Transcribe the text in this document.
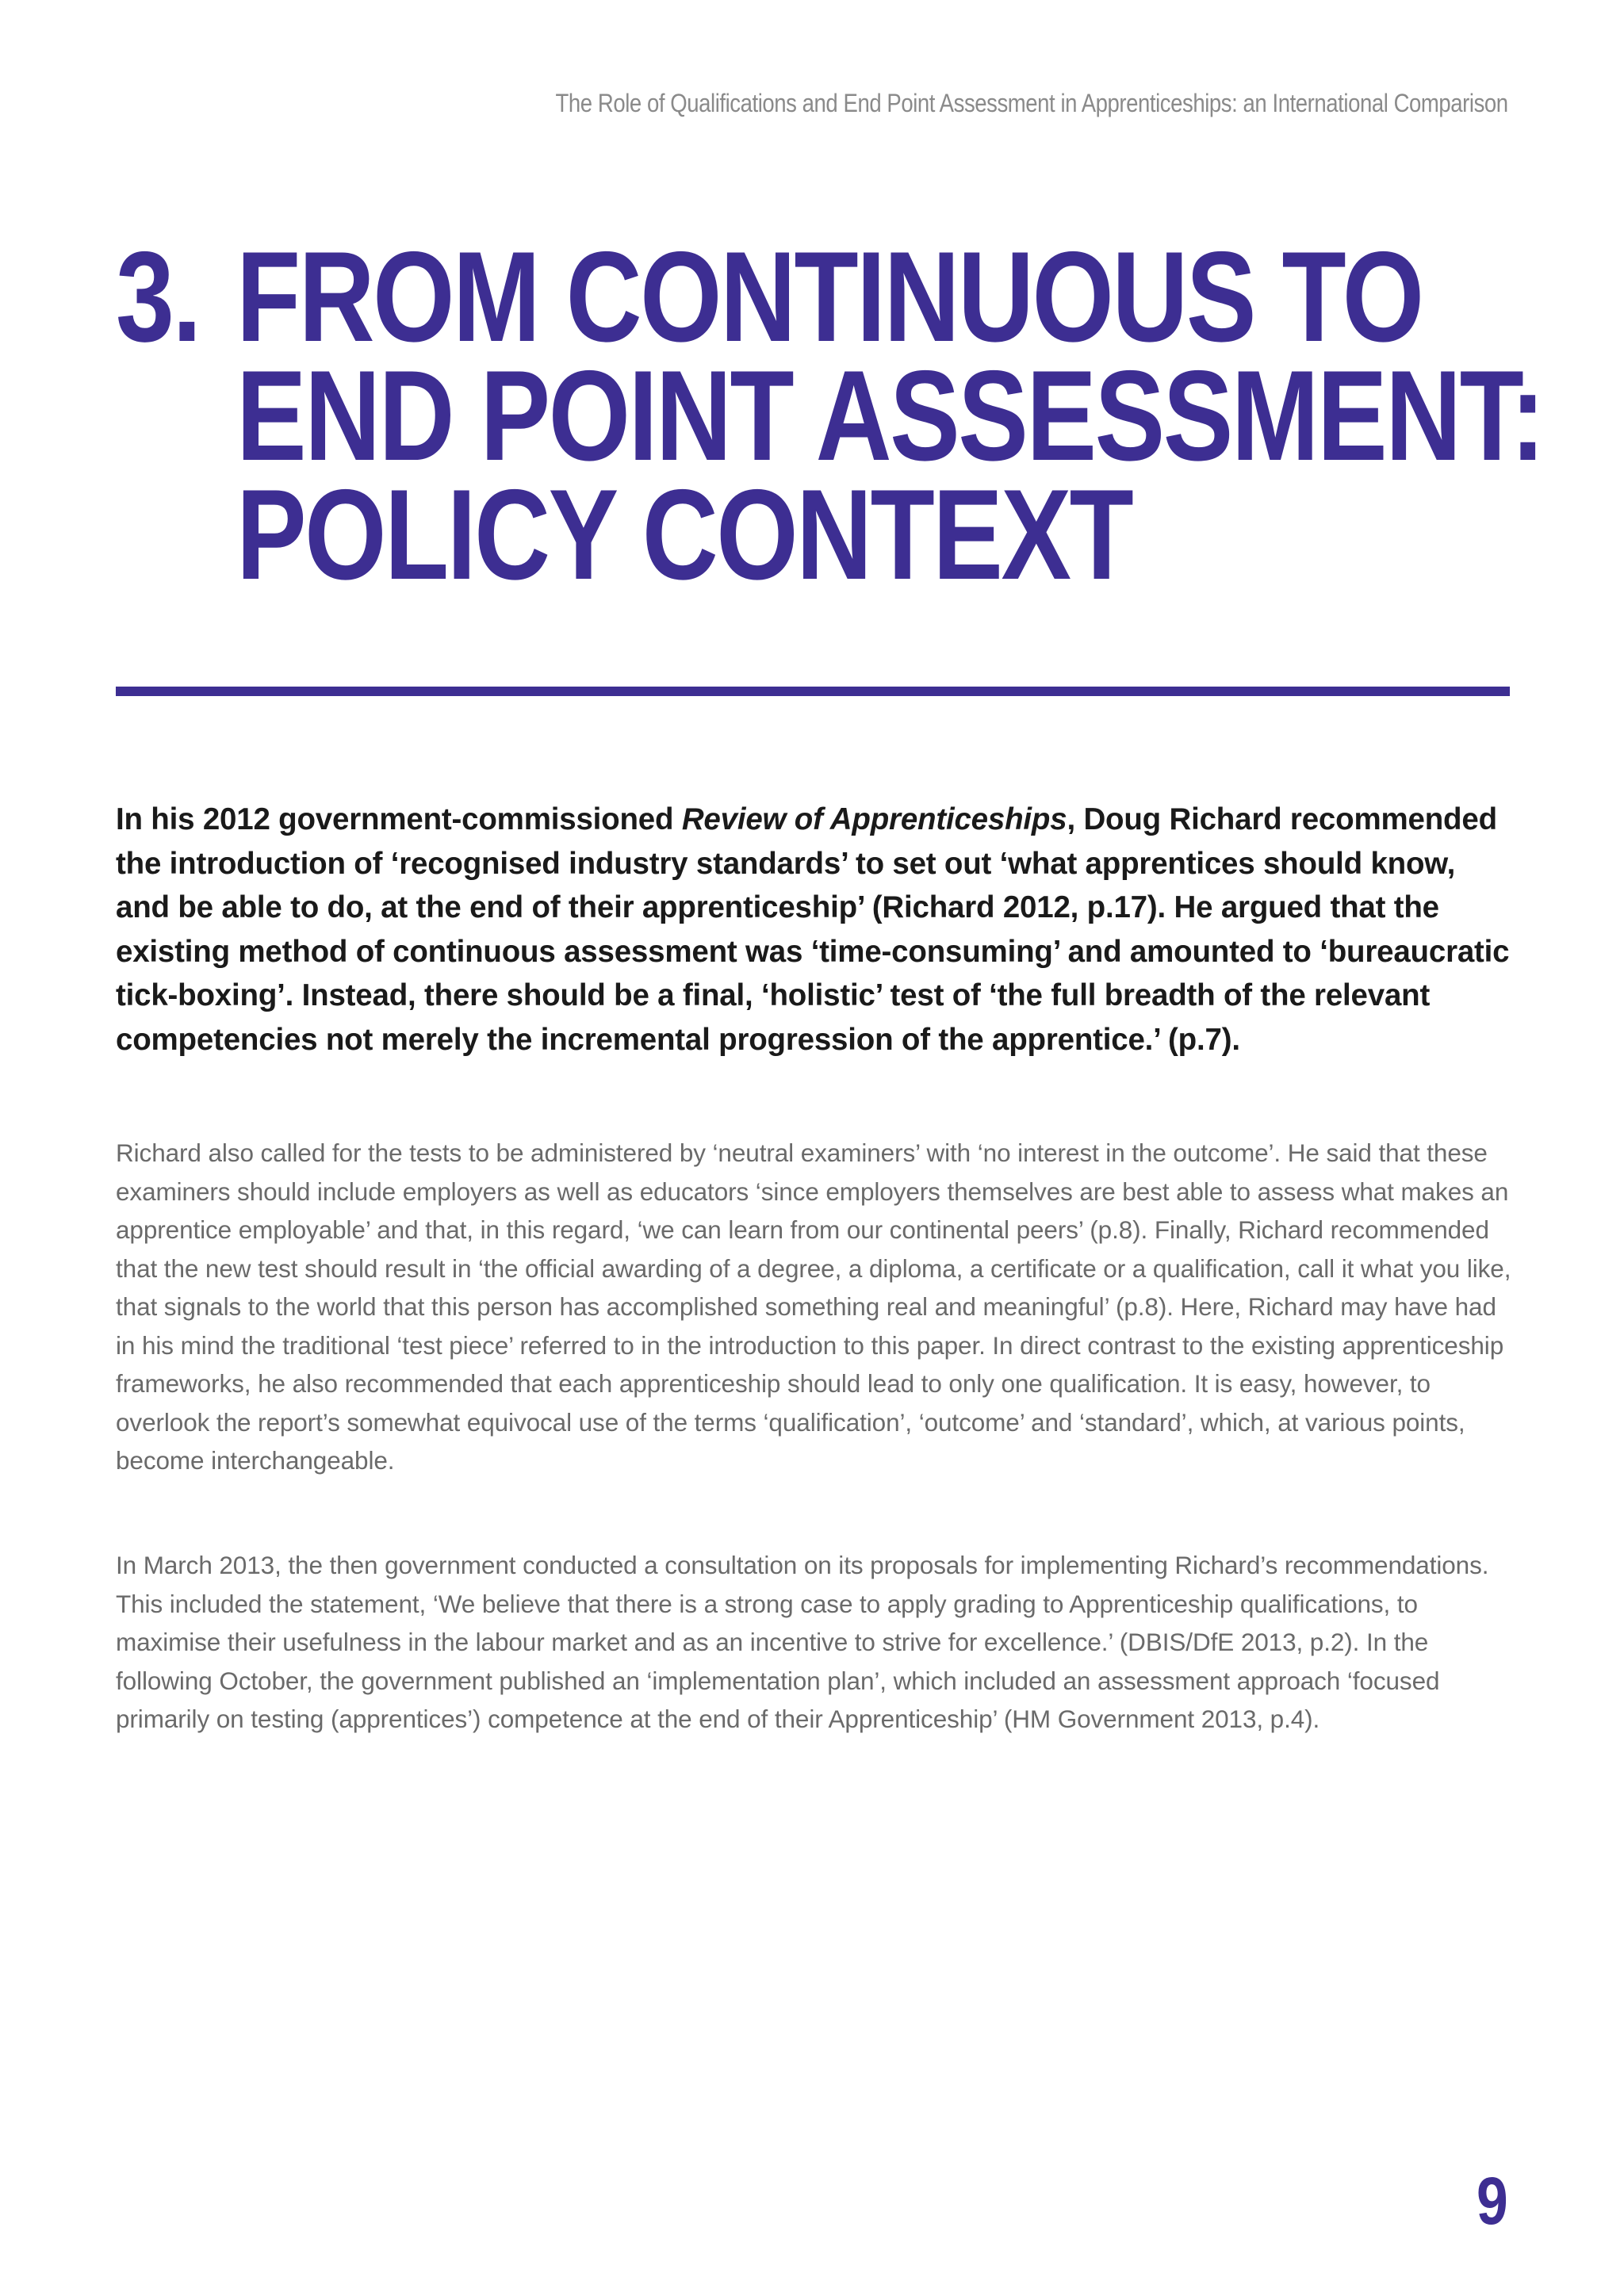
The Role of Qualifications and End Point Assessment in Apprenticeships: an International Comparison
3. FROM CONTINUOUS TO
END POINT ASSESSMENT:
POLICY CONTEXT

In his 2012 government-commissioned Review of Apprenticeships, Doug Richard recommended the introduction of ‘recognised industry standards’ to set out ‘what apprentices should know, and be able to do, at the end of their apprenticeship’ (Richard 2012, p.17). He argued that the existing method of continuous assessment was ‘time-consuming’ and amounted to ‘bureaucratic tick-boxing’. Instead, there should be a final, ‘holistic’ test of ‘the full breadth of the relevant competencies not merely the incremental progression of the apprentice.’ (p.7).

Richard also called for the tests to be administered by ‘neutral examiners’ with ‘no interest in the outcome’. He said that these examiners should include employers as well as educators ‘since employers themselves are best able to assess what makes an apprentice employable’ and that, in this regard, ‘we can learn from our continental peers’ (p.8). Finally, Richard recommended that the new test should result in ‘the official awarding of a degree, a diploma, a certificate or a qualification, call it what you like, that signals to the world that this person has accomplished something real and meaningful’ (p.8). Here, Richard may have had in his mind the traditional ‘test piece’ referred to in the introduction to this paper. In direct contrast to the existing apprenticeship frameworks, he also recommended that each apprenticeship should lead to only one qualification. It is easy, however, to overlook the report’s somewhat equivocal use of the terms ‘qualification’, ‘outcome’ and ‘standard’, which, at various points, become interchangeable.

In March 2013, the then government conducted a consultation on its proposals for implementing Richard’s recommendations. This included the statement, ‘We believe that there is a strong case to apply grading to Apprenticeship qualifications, to maximise their usefulness in the labour market and as an incentive to strive for excellence.’ (DBIS/DfE 2013, p.2). In the following October, the government published an ‘implementation plan’, which included an assessment approach ‘focused primarily on testing (apprentices’) competence at the end of their Apprenticeship’ (HM Government 2013, p.4).

9
